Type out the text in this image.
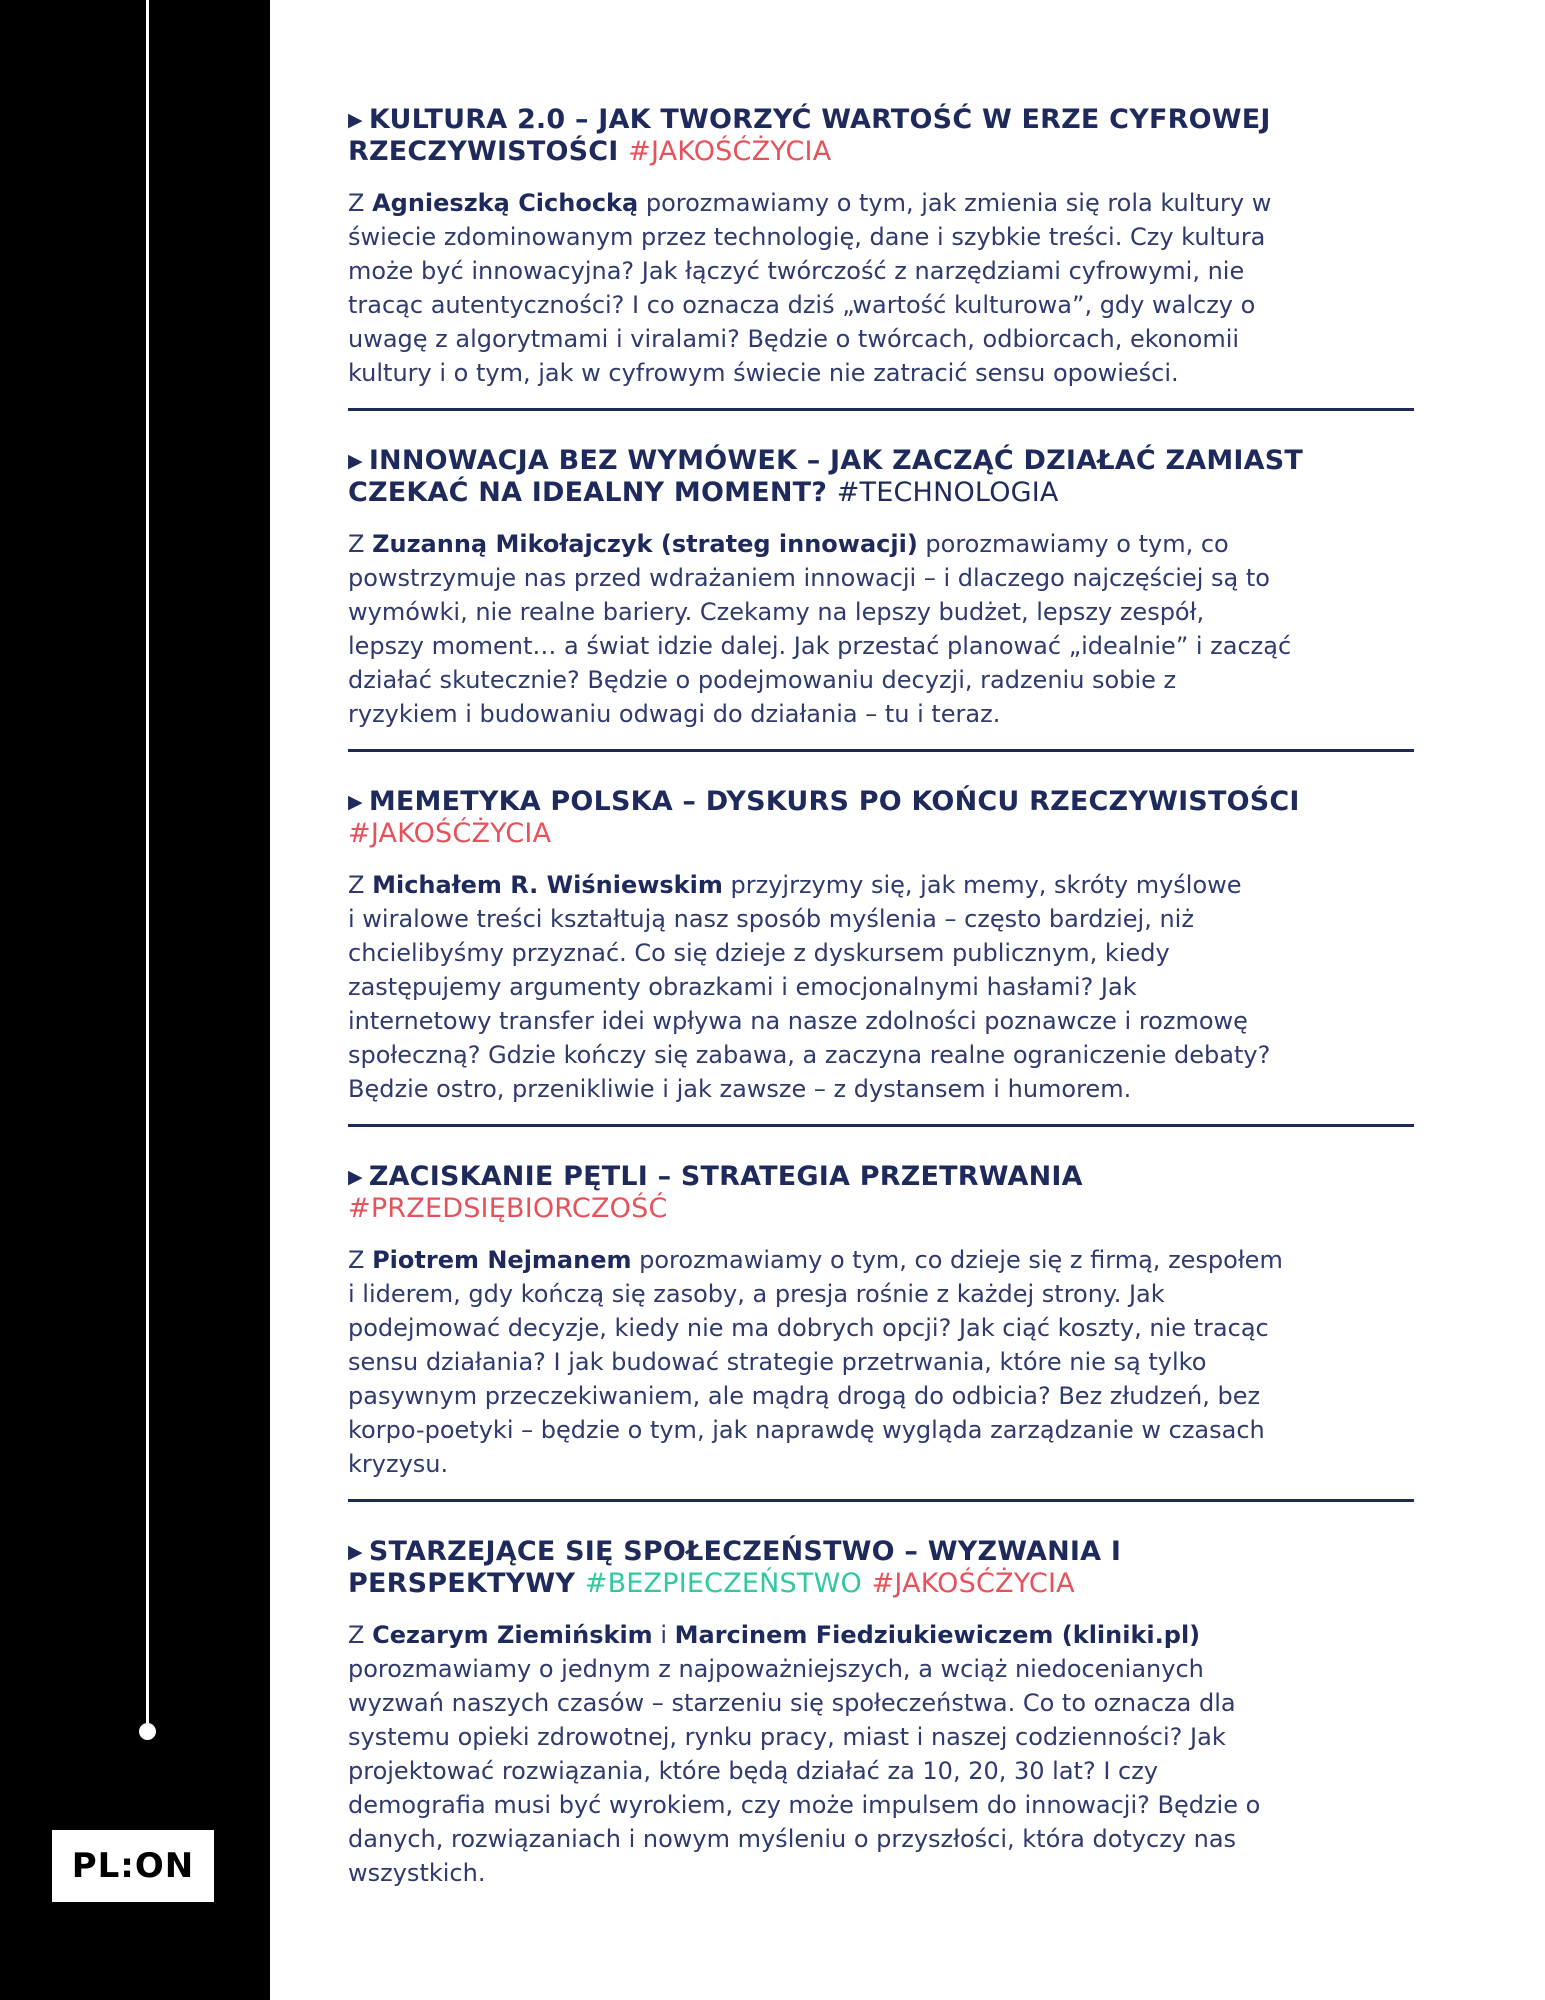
PL:ON
▶ KULTURA 2.0 – JAK TWORZYĆ WARTOŚĆ W ERZE CYFROWEJ
RZECZYWISTOŚCI #JAKOŚĆŻYCIA

Z Agnieszką Cichocką porozmawiamy o tym, jak zmienia się rola kultury w
świecie zdominowanym przez technologię, dane i szybkie treści. Czy kultura
może być innowacyjna? Jak łączyć twórczość z narzędziami cyfrowymi, nie
tracąc autentyczności? I co oznacza dziś „wartość kulturowa”, gdy walczy o
uwagę z algorytmami i viralami? Będzie o twórcach, odbiorcach, ekonomii
kultury i o tym, jak w cyfrowym świecie nie zatracić sensu opowieści.

▶ INNOWACJA BEZ WYMÓWEK – JAK ZACZĄĆ DZIAŁAĆ ZAMIAST
CZEKAĆ NA IDEALNY MOMENT? #TECHNOLOGIA

Z Zuzanną Mikołajczyk (strateg innowacji) porozmawiamy o tym, co
powstrzymuje nas przed wdrażaniem innowacji – i dlaczego najczęściej są to
wymówki, nie realne bariery. Czekamy na lepszy budżet, lepszy zespół,
lepszy moment… a świat idzie dalej. Jak przestać planować „idealnie” i zacząć
działać skutecznie? Będzie o podejmowaniu decyzji, radzeniu sobie z
ryzykiem i budowaniu odwagi do działania – tu i teraz.

▶ MEMETYKA POLSKA – DYSKURS PO KOŃCU RZECZYWISTOŚCI
#JAKOŚĆŻYCIA

Z Michałem R. Wiśniewskim przyjrzymy się, jak memy, skróty myślowe
i wiralowe treści kształtują nasz sposób myślenia – często bardziej, niż
chcielibyśmy przyznać. Co się dzieje z dyskursem publicznym, kiedy
zastępujemy argumenty obrazkami i emocjonalnymi hasłami? Jak
internetowy transfer idei wpływa na nasze zdolności poznawcze i rozmowę
społeczną? Gdzie kończy się zabawa, a zaczyna realne ograniczenie debaty?
Będzie ostro, przenikliwie i jak zawsze – z dystansem i humorem.

▶ ZACISKANIE PĘTLI – STRATEGIA PRZETRWANIA
#PRZEDSIĘBIORCZOŚĆ

Z Piotrem Nejmanem porozmawiamy o tym, co dzieje się z firmą, zespołem
i liderem, gdy kończą się zasoby, a presja rośnie z każdej strony. Jak
podejmować decyzje, kiedy nie ma dobrych opcji? Jak ciąć koszty, nie tracąc
sensu działania? I jak budować strategie przetrwania, które nie są tylko
pasywnym przeczekiwaniem, ale mądrą drogą do odbicia? Bez złudzeń, bez
korpo-poetyki – będzie o tym, jak naprawdę wygląda zarządzanie w czasach
kryzysu.

▶ STARZEJĄCE SIĘ SPOŁECZEŃSTWO – WYZWANIA I
PERSPEKTYWY #BEZPIECZEŃSTWO #JAKOŚĆŻYCIA

Z Cezarym Ziemińskim i Marcinem Fiedziukiewiczem (kliniki.pl)
porozmawiamy o jednym z najpoważniejszych, a wciąż niedocenianych
wyzwań naszych czasów – starzeniu się społeczeństwa. Co to oznacza dla
systemu opieki zdrowotnej, rynku pracy, miast i naszej codzienności? Jak
projektować rozwiązania, które będą działać za 10, 20, 30 lat? I czy
demografia musi być wyrokiem, czy może impulsem do innowacji? Będzie o
danych, rozwiązaniach i nowym myśleniu o przyszłości, która dotyczy nas
wszystkich.
